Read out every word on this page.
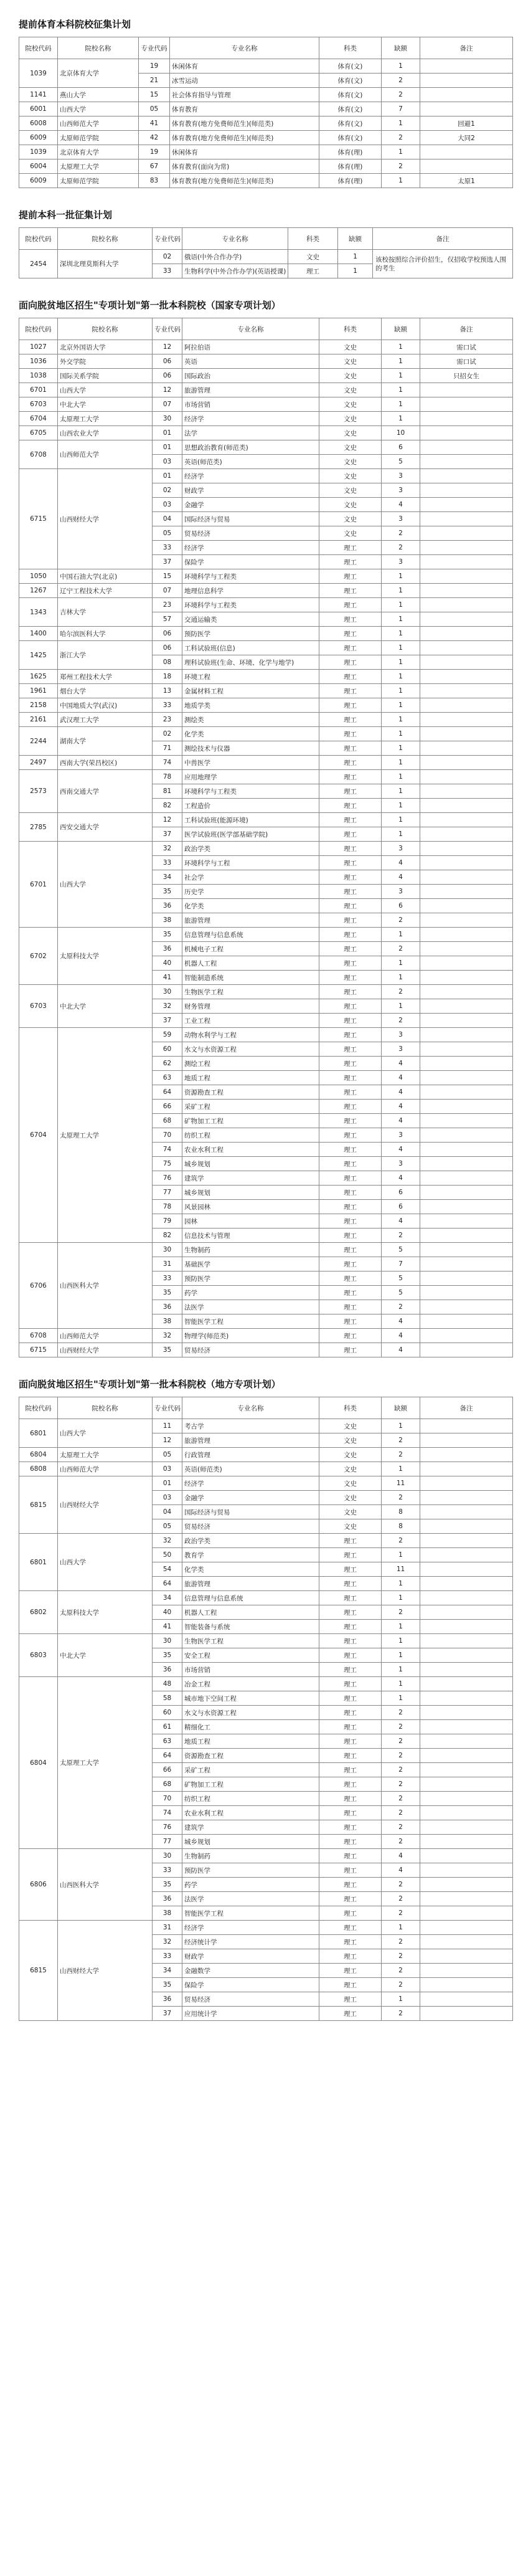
提前体育本科院校征集计划
院校代码	院校名称	专业代码	专业名称	科类	缺额	备注
1039	北京体育大学	19	休闲体育	体育(文)	1	
		21	冰雪运动	体育(文)	2	
1141	燕山大学	15	社会体育指导与管理	体育(文)	2	
6001	山西大学	05	体育教育	体育(文)	7	
6008	山西师范大学	41	体育教育(地方免费师范生)(师范类)	体育(文)	1	回避1
6009	太原师范学院	42	体育教育(地方免费师范生)(师范类)	体育(文)	2	大同2
1039	北京体育大学	19	休闲体育	体育(理)	1	
6004	太原理工大学	67	体育教育(面向为常)	体育(理)	2	
6009	太原师范学院	83	体育教育(地方免费师范生)(师范类)	体育(理)	1	太原1
提前本科一批征集计划
院校代码	院校名称	专业代码	专业名称	科类	缺额	备注
2454	深圳北理莫斯科大学	02	俄语(中外合作办学)	文史	1	该校按照综合评价招生，仅招收学校预选人围的考生
		33	生物科学(中外合作办学)(英语授课)	理工	1	
面向脱贫地区招生"专项计划"第一批本科院校（国家专项计划）
院校代码	院校名称	专业代码	专业名称	科类	缺额	备注
1027	北京外国语大学	12	阿拉伯语	文史	1	需口试
1036	外交学院	06	英语	文史	1	需口试
1038	国际关系学院	06	国际政治	文史	1	只招女生
6701	山西大学	12	旅游管理	文史	1	
6703	中北大学	07	市场营销	文史	1	
6704	太原理工大学	30	经济学	文史	1	
6705	山西农业大学	01	法学	文史	10	
6708	山西师范大学	01	思想政治教育(师范类)	文史	6	
		03	英语(师范类)	文史	5	
6715	山西财经大学	01	经济学	文史	3	
		02	财政学	文史	3	
		03	金融学	文史	4	
		04	国际经济与贸易	文史	3	
		05	贸易经济	文史	2	
		33	经济学	理工	2	
		37	保险学	理工	3	
1050	中国石油大学(北京)	15	环境科学与工程类	理工	1	
1267	辽宁工程技术大学	07	地理信息科学	理工	1	
1343	吉林大学	23	环境科学与工程类	理工	1	
		57	交通运输类	理工	1	
1400	哈尔滨医科大学	06	预防医学	理工	1	
1425	浙江大学	06	工科试验班(信息)	理工	1	
		08	理科试验班(生命、环境、化学与地学)	理工	1	
1625	郑州工程技术大学	18	环境工程	理工	1	
1961	烟台大学	13	金属材料工程	理工	1	
2158	中国地质大学(武汉)	33	地质学类	理工	1	
2161	武汉理工大学	23	测绘类	理工	1	
2244	湖南大学	02	化学类	理工	1	
		71	测绘技术与仪器	理工	1	
2497	西南大学(荣昌校区)	74	中兽医学	理工	1	
2573	西南交通大学	78	应用地理学	理工	1	
		81	环境科学与工程类	理工	1	
		82	工程造价	理工	1	
2785	西安交通大学	12	工科试验班(能源环境)	理工	1	
		37	医学试验班(医学部基础学院)	理工	1	
6701	山西大学	32	政治学类	理工	3	
		33	环境科学与工程	理工	4	
		34	社会学	理工	4	
		35	历史学	理工	3	
		36	化学类	理工	6	
		38	旅游管理	理工	2	
6702	太原科技大学	35	信息管理与信息系统	理工	1	
		36	机械电子工程	理工	2	
		40	机器人工程	理工	1	
		41	智能制造系统	理工	1	
6703	中北大学	30	生物医学工程	理工	2	
		32	财务管理	理工	1	
		37	工业工程	理工	2	
6704	太原理工大学	59	动物水利学与工程	理工	3	
		60	水文与水资源工程	理工	3	
		62	测绘工程	理工	4	
		63	地质工程	理工	4	
		64	资源勘查工程	理工	4	
		66	采矿工程	理工	4	
		68	矿物加工工程	理工	4	
		70	纺织工程	理工	3	
		74	农业水利工程	理工	4	
		75	城乡规划	理工	3	
		76	建筑学	理工	4	
		77	城乡规划	理工	6	
		78	风景园林	理工	6	
		79	园林	理工	4	
		82	信息技术与管理	理工	2	
6706	山西医科大学	30	生物制药	理工	5	
		31	基础医学	理工	7	
		33	预防医学	理工	5	
		35	药学	理工	5	
		36	法医学	理工	2	
		38	智能医学工程	理工	4	
6708	山西师范大学	32	物理学(师范类)	理工	4	
6715	山西财经大学	35	贸易经济	理工	4	
面向脱贫地区招生"专项计划"第一批本科院校（地方专项计划）
院校代码	院校名称	专业代码	专业名称	科类	缺额	备注
6801	山西大学	11	考古学	文史	1	
		12	旅游管理	文史	2	
6804	太原理工大学	05	行政管理	文史	2	
6808	山西师范大学	03	英语(师范类)	文史	1	
6815	山西财经大学	01	经济学	文史	11	
		03	金融学	文史	2	
		04	国际经济与贸易	文史	8	
		05	贸易经济	文史	8	
6801	山西大学	32	政治学类	理工	2	
		50	教育学	理工	1	
		54	化学类	理工	11	
		64	旅游管理	理工	1	
6802	太原科技大学	34	信息管理与信息系统	理工	1	
		40	机器人工程	理工	2	
		41	智能装备与系统	理工	1	
6803	中北大学	30	生物医学工程	理工	1	
		35	安全工程	理工	1	
		36	市场营销	理工	1	
6804	太原理工大学	48	冶金工程	理工	1	
		58	城市地下空间工程	理工	1	
		60	水文与水资源工程	理工	2	
		61	精细化工	理工	2	
		63	地质工程	理工	2	
		64	资源勘查工程	理工	2	
		66	采矿工程	理工	2	
		68	矿物加工工程	理工	2	
		70	纺织工程	理工	2	
		74	农业水利工程	理工	2	
		76	建筑学	理工	2	
		77	城乡规划	理工	2	
6806	山西医科大学	30	生物制药	理工	4	
		33	预防医学	理工	4	
		35	药学	理工	2	
		36	法医学	理工	2	
		38	智能医学工程	理工	2	
6815	山西财经大学	31	经济学	理工	1	
		32	经济统计学	理工	2	
		33	财政学	理工	2	
		34	金融数学	理工	2	
		35	保险学	理工	2	
		36	贸易经济	理工	1	
		37	应用统计学	理工	2	
